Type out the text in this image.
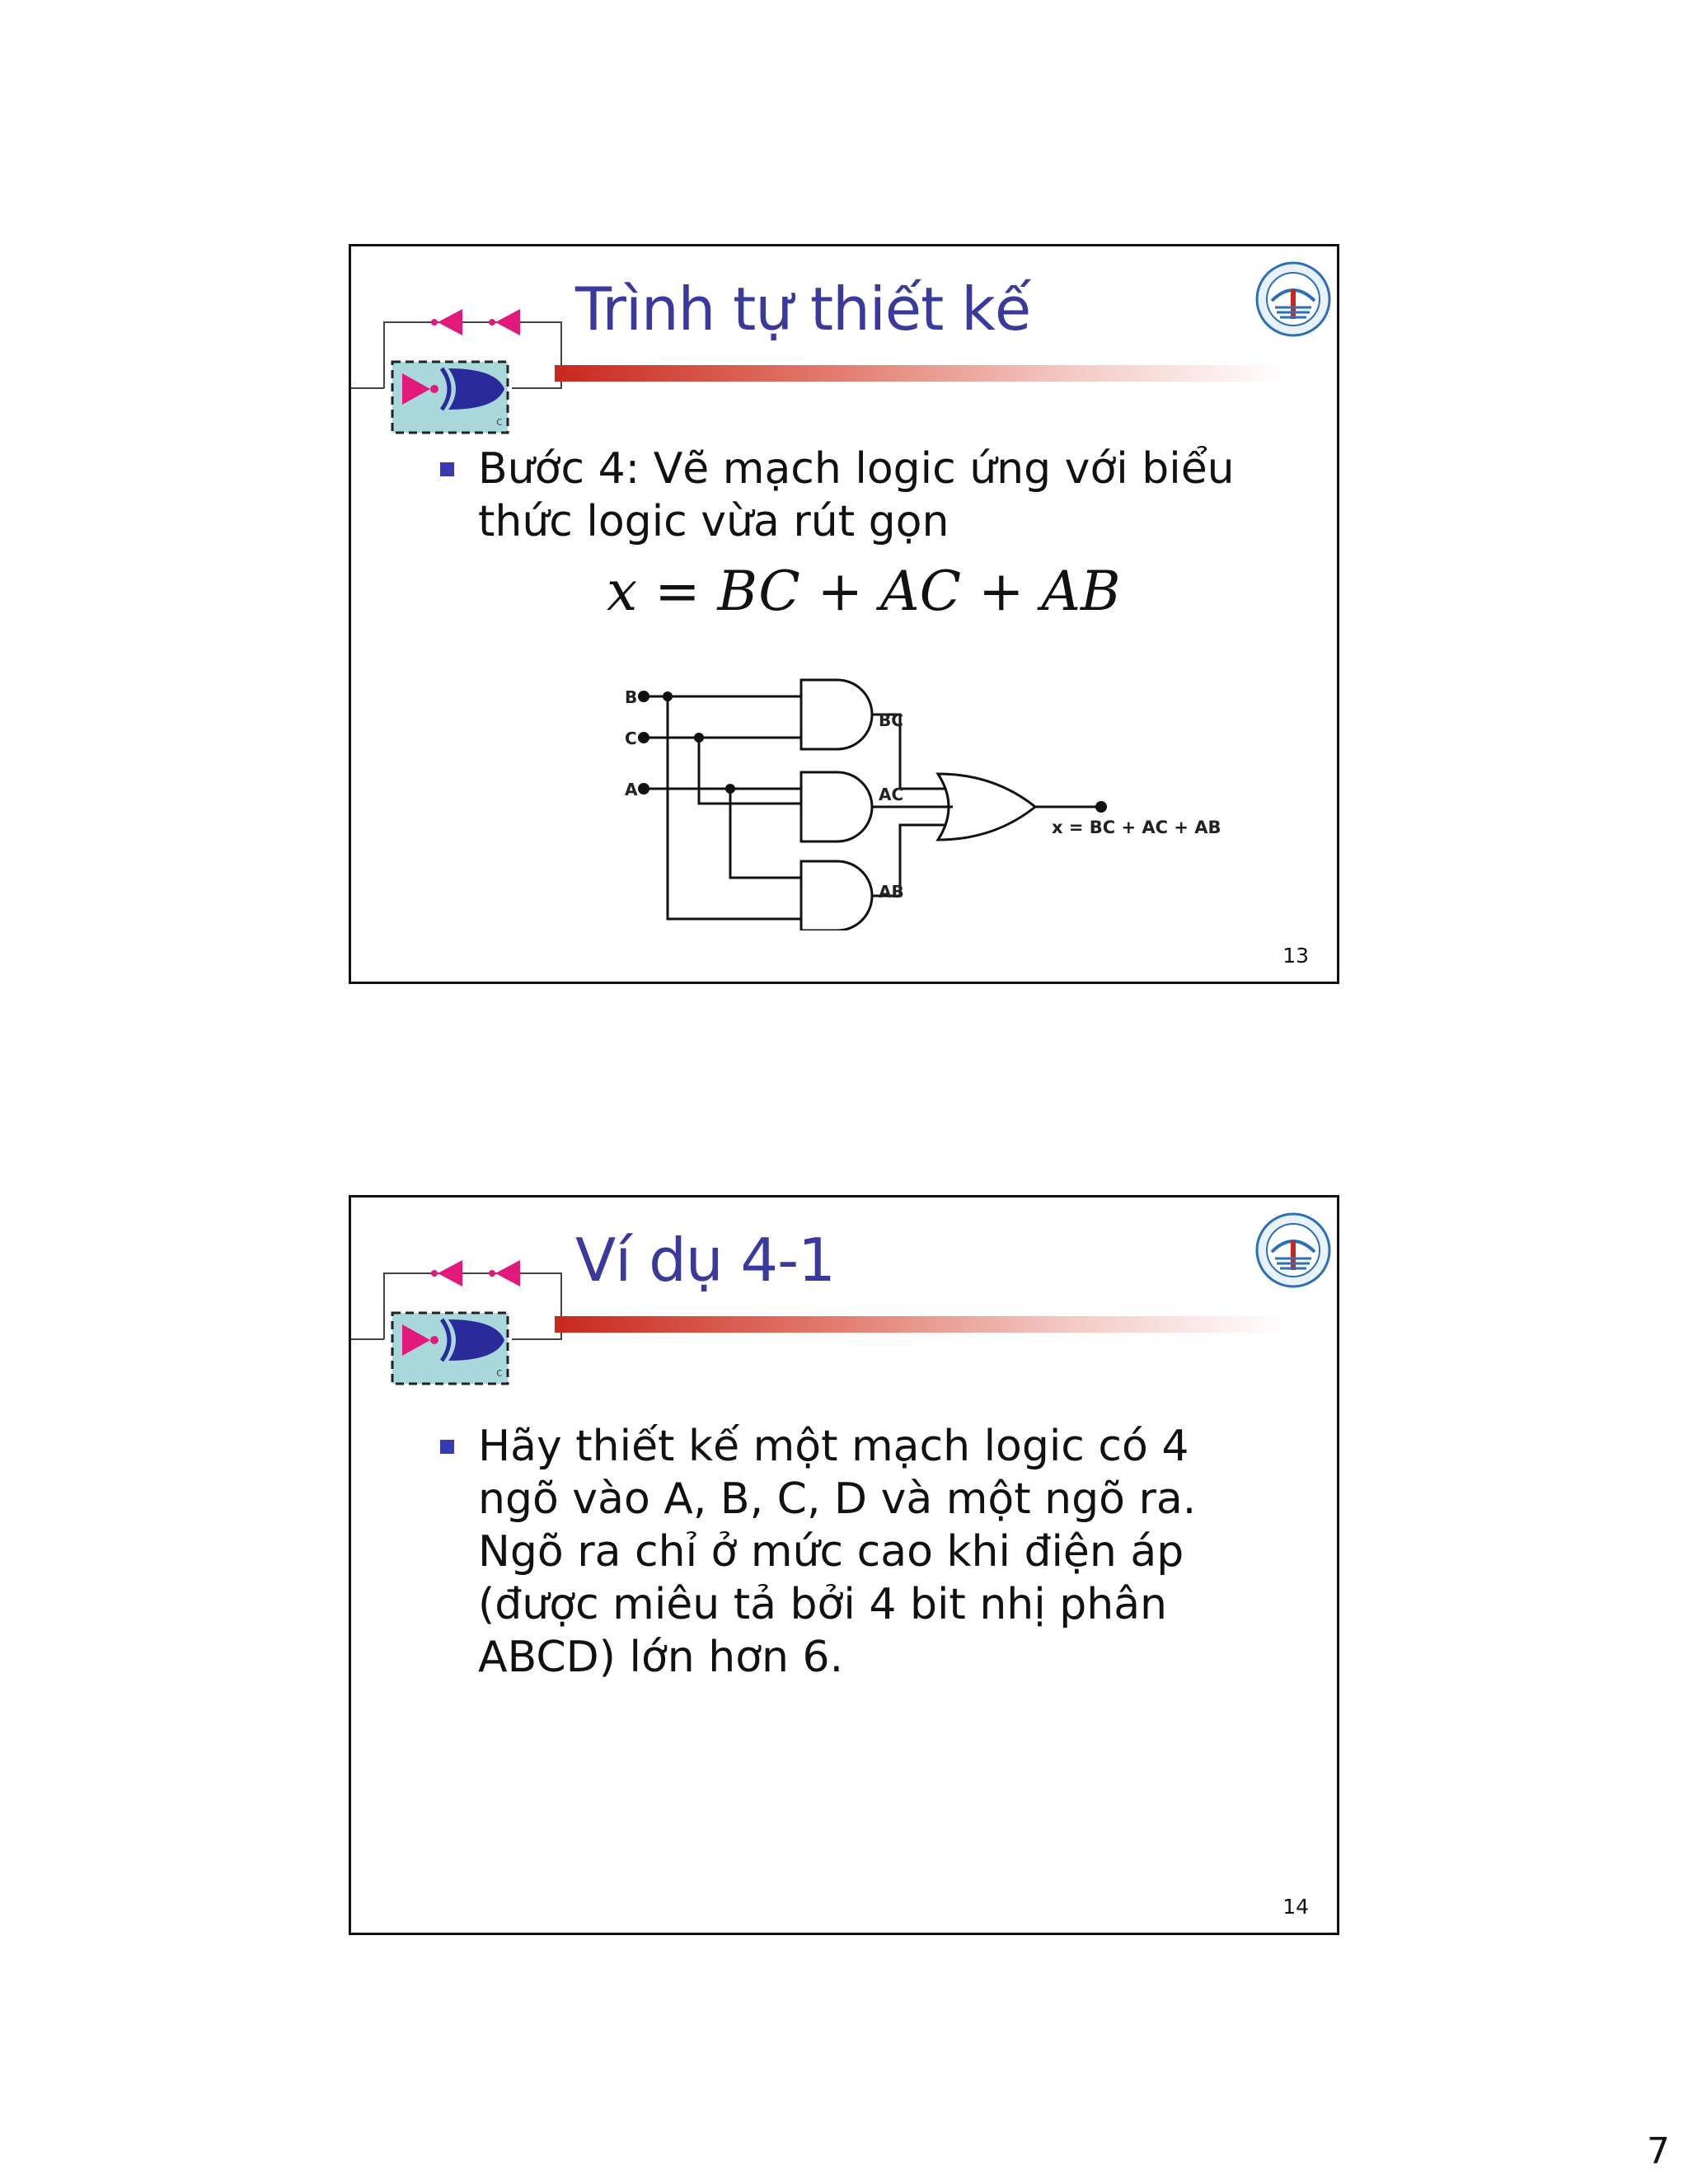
c
Trình tự thiết kế
Bước 4: Vẽ mạch logic ứng với biểu thức logic vừa rút gọn
x = BC + AC + AB
B
C
A
BC
AC
AB
x = BC + AC + AB
13
c
Ví dụ 4-1
Hãy thiết kế một mạch logic có 4 ngõ vào A, B, C, D và một ngõ ra. Ngõ ra chỉ ở mức cao khi điện áp (được miêu tả bởi 4 bit nhị phân ABCD) lớn hơn 6.
14
7
